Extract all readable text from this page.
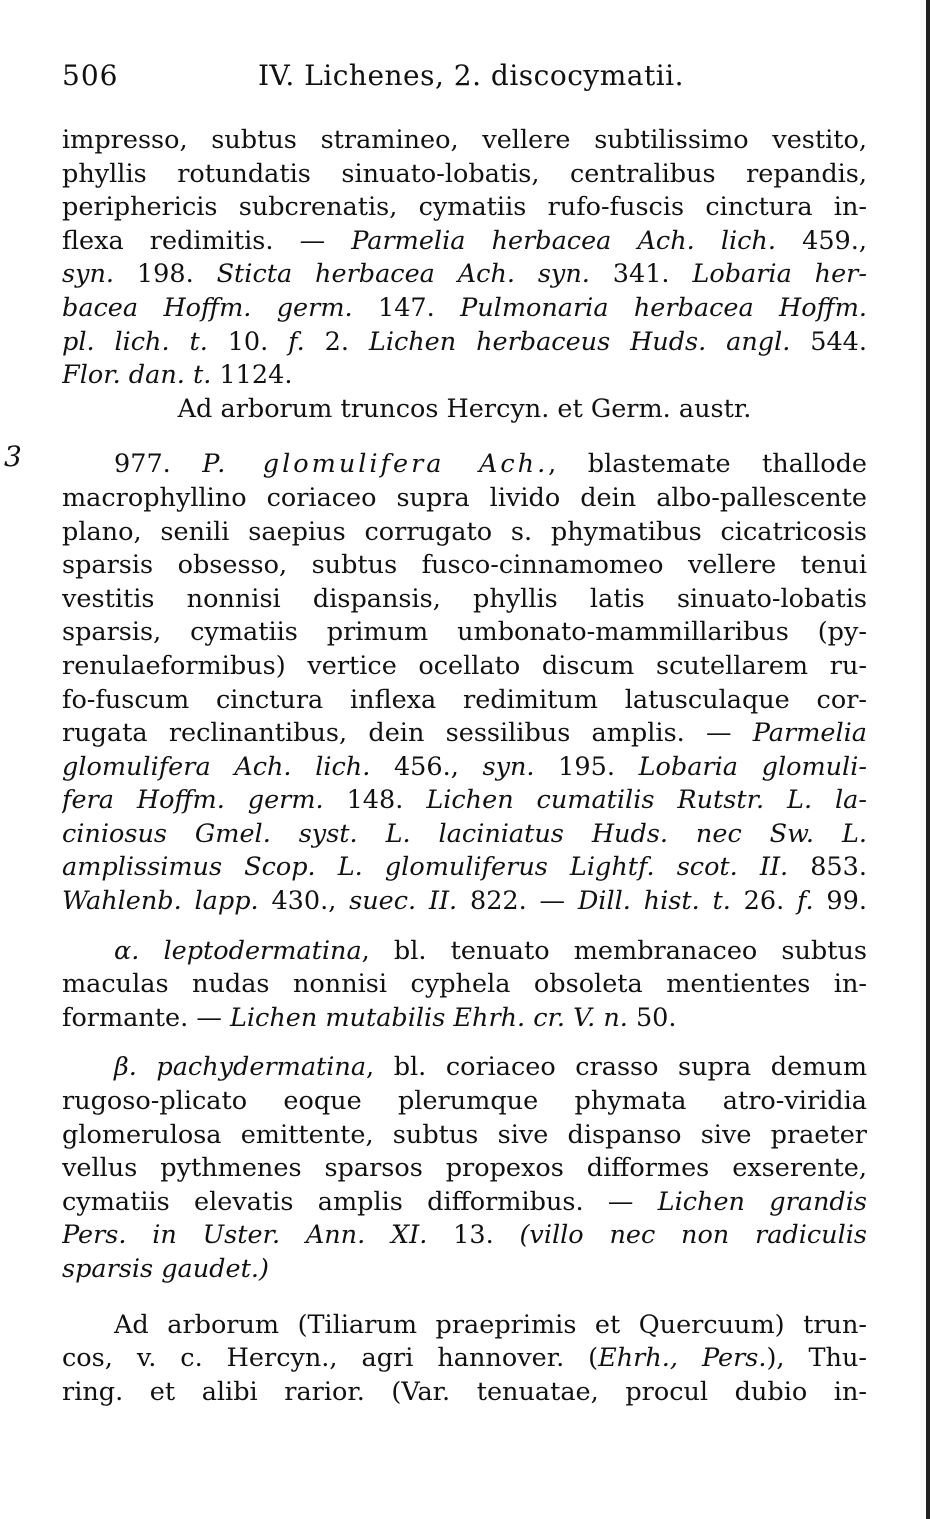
506	IV. Lichenes, 2. discocymatii.
3
impresso, subtus stramineo, vellere subtilissimo vestito,
phyllis rotundatis sinuato-lobatis, centralibus repandis,
periphericis subcrenatis, cymatiis rufo-fuscis cinctura in-
flexa redimitis. — Parmelia herbacea Ach. lich. 459.,
syn. 198. Sticta herbacea Ach. syn. 341. Lobaria her-
bacea Hoffm. germ. 147. Pulmonaria herbacea Hoffm.
pl. lich. t. 10. f. 2. Lichen herbaceus Huds. angl. 544.
Flor. dan. t. 1124.
Ad arborum truncos Hercyn. et Germ. austr.
977. P. glomulifera Ach., blastemate thallode
macrophyllino coriaceo supra livido dein albo-pallescente
plano, senili saepius corrugato s. phymatibus cicatricosis
sparsis obsesso, subtus fusco-cinnamomeo vellere tenui
vestitis nonnisi dispansis, phyllis latis sinuato-lobatis
sparsis, cymatiis primum umbonato-mammillaribus (py-
renulaeformibus) vertice ocellato discum scutellarem ru-
fo-fuscum cinctura inflexa redimitum latusculaque cor-
rugata reclinantibus, dein sessilibus amplis. — Parmelia
glomulifera Ach. lich. 456., syn. 195. Lobaria glomuli-
fera Hoffm. germ. 148. Lichen cumatilis Rutstr. L. la-
ciniosus Gmel. syst. L. laciniatus Huds. nec Sw. L.
amplissimus Scop. L. glomuliferus Lightf. scot. II. 853.
Wahlenb. lapp. 430., suec. II. 822. — Dill. hist. t. 26. f. 99.
α. leptodermatina, bl. tenuato membranaceo subtus
maculas nudas nonnisi cyphela obsoleta mentientes in-
formante. — Lichen mutabilis Ehrh. cr. V. n. 50.
β. pachydermatina, bl. coriaceo crasso supra demum
rugoso-plicato eoque plerumque phymata atro-viridia
glomerulosa emittente, subtus sive dispanso sive praeter
vellus pythmenes sparsos propexos difformes exserente,
cymatiis elevatis amplis difformibus. — Lichen grandis
Pers. in Uster. Ann. XI. 13. (villo nec non radiculis
sparsis gaudet.)
Ad arborum (Tiliarum praeprimis et Quercuum) trun-
cos, v. c. Hercyn., agri hannover. (Ehrh., Pers.), Thu-
ring. et alibi rarior. (Var. tenuatae, procul dubio in-
